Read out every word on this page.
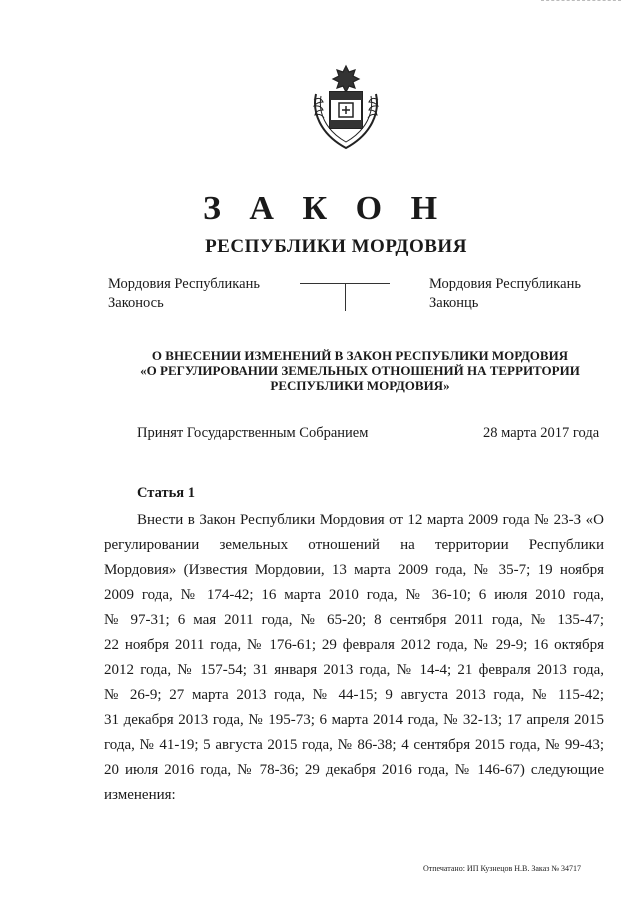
З А К О Н
РЕСПУБЛИКИ МОРДОВИЯ
Мордовия Республикань
Законось
Мордовия Республикань
Законць
О ВНЕСЕНИИ ИЗМЕНЕНИЙ В ЗАКОН РЕСПУБЛИКИ МОРДОВИЯ
«О РЕГУЛИРОВАНИИ ЗЕМЕЛЬНЫХ ОТНОШЕНИЙ НА ТЕРРИТОРИИ
РЕСПУБЛИКИ МОРДОВИЯ»
Принят Государственным Собранием	28 марта 2017 года
Статья 1
Внести в Закон Республики Мордовия от 12 марта 2009 года № 23-З «О
регулировании земельных отношений на территории Республики
Мордовия» (Известия Мордовии, 13 марта 2009 года, № 35-7; 19 ноября
2009 года, № 174-42; 16 марта 2010 года, № 36-10; 6 июля 2010 года,
№ 97-31; 6 мая 2011 года, № 65-20; 8 сентября 2011 года, № 135-47;
22 ноября 2011 года, № 176-61; 29 февраля 2012 года, № 29-9; 16 октября
2012 года, № 157-54; 31 января 2013 года, № 14-4; 21 февраля 2013 года,
№ 26-9; 27 марта 2013 года, № 44-15; 9 августа 2013 года, № 115-42;
31 декабря 2013 года, № 195-73; 6 марта 2014 года, № 32-13; 17 апреля 2015
года, № 41-19; 5 августа 2015 года, № 86-38; 4 сентября 2015 года, № 99-43;
20 июля 2016 года, № 78-36; 29 декабря 2016 года, № 146-67) следующие
изменения:
Отпечатано: ИП Кузнецов Н.В. Заказ № 34717
